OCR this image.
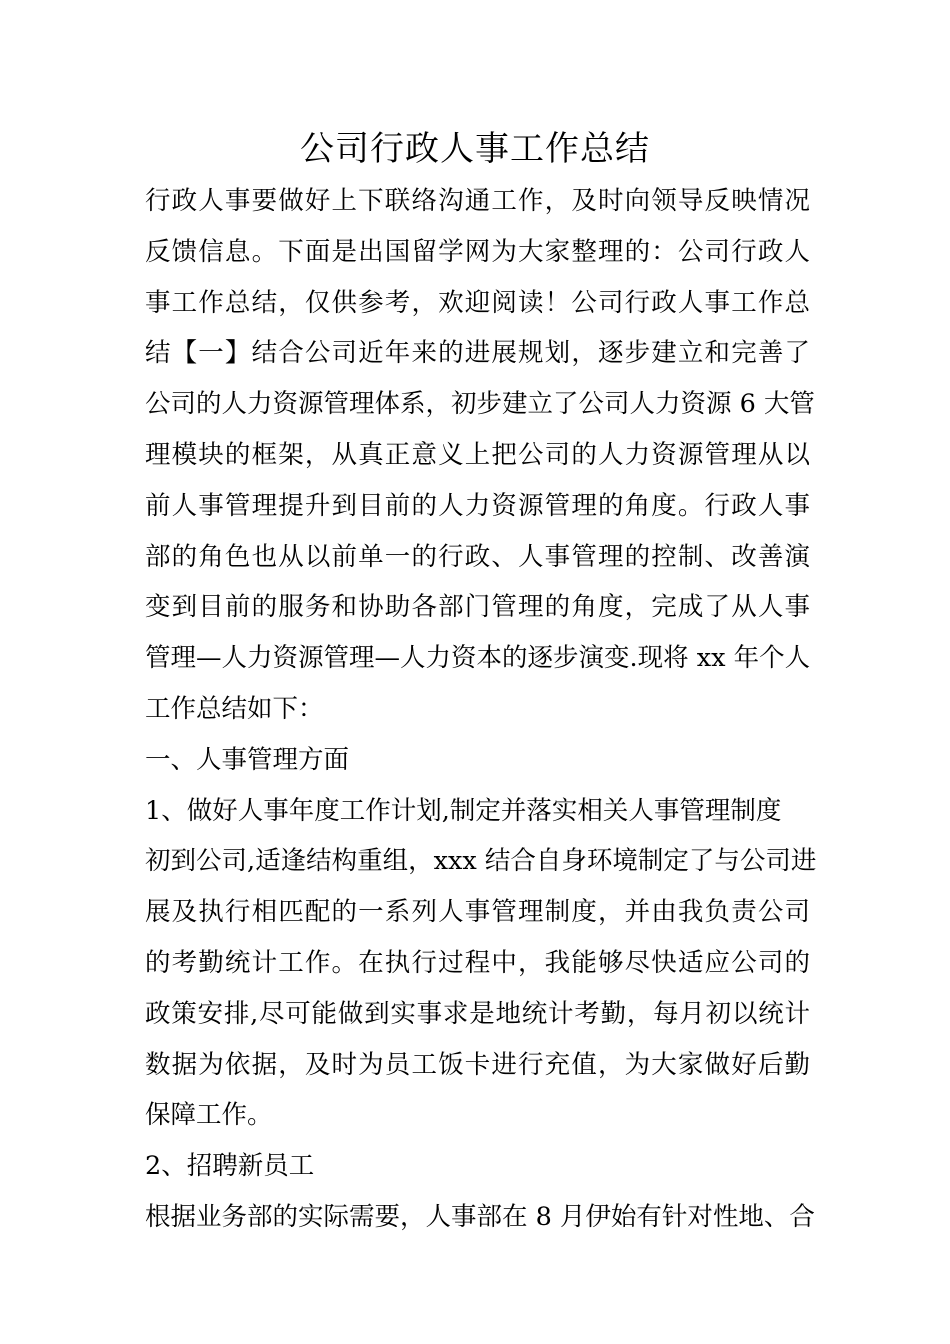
公司行政人事工作总结
行政人事要做好上下联络沟通工作，及时向领导反映情况
反馈信息。下面是出国留学网为大家整理的：公司行政人
事工作总结，仅供参考，欢迎阅读！公司行政人事工作总
结【一】结合公司近年来的进展规划，逐步建立和完善了
公司的人力资源管理体系，初步建立了公司人力资源 6 大管
理模块的框架，从真正意义上把公司的人力资源管理从以
前人事管理提升到目前的人力资源管理的角度。行政人事
部的角色也从以前单一的行政、人事管理的控制、改善演
变到目前的服务和协助各部门管理的角度，完成了从人事
管理—人力资源管理—人力资本的逐步演变.现将 xx 年个人
工作总结如下：
一、人事管理方面
1、做好人事年度工作计划,制定并落实相关人事管理制度
初到公司,适逢结构重组，xxx 结合自身环境制定了与公司进
展及执行相匹配的一系列人事管理制度，并由我负责公司
的考勤统计工作。在执行过程中，我能够尽快适应公司的
政策安排,尽可能做到实事求是地统计考勤，每月初以统计
数据为依据，及时为员工饭卡进行充值，为大家做好后勤
保障工作。
2、招聘新员工
根据业务部的实际需要，人事部在 8 月伊始有针对性地、合
